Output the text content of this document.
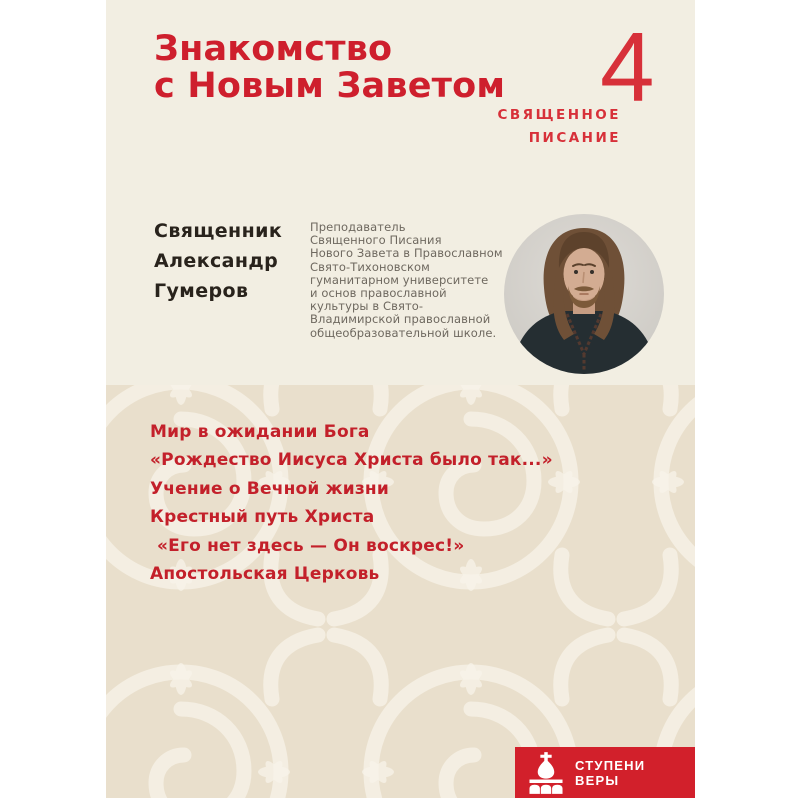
Знакомство
с Новым Заветом 4
СВЯЩЕННОЕ
ПИСАНИЕ
Священник
Александр
Гумеров
Преподаватель
Священного Писания
Нового Завета в Православном
Свято-Тихоновском
гуманитарном университете
и основ православной
культуры в Свято-
Владимирской православной
общеобразовательной школе.
Мир в ожидании Бога
«Рождество Иисуса Христа было так...»
Учение о Вечной жизни
Крестный путь Христа
«Его нет здесь — Он воскрес!»
Апостольская Церковь
СТУПЕНИ
ВЕРЫ
